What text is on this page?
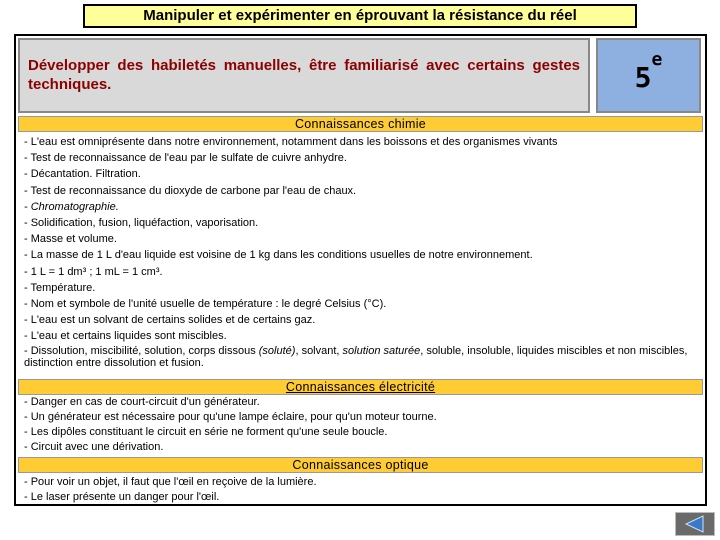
Manipuler et expérimenter en éprouvant la résistance du réel
Développer des habiletés manuelles, être familiarisé avec certains gestes techniques.	5e
Connaissances chimie
- L'eau est omniprésente dans notre environnement, notamment dans les boissons et des organismes vivants
- Test de reconnaissance de l'eau par le sulfate de cuivre anhydre.
- Décantation. Filtration.
- Test de reconnaissance du dioxyde de carbone par l'eau de chaux.
- Chromatographie.
- Solidification, fusion, liquéfaction, vaporisation.
- Masse et volume.
- La masse de 1 L d'eau liquide est voisine de 1 kg dans les conditions usuelles de notre environnement.
- 1 L = 1 dm³ ; 1 mL = 1 cm³.
- Température.
- Nom et symbole de l'unité usuelle de température : le degré Celsius (°C).
- L'eau est un solvant de certains solides et de certains gaz.
- L'eau et certains liquides sont miscibles.
- Dissolution, miscibilité, solution, corps dissous (soluté), solvant, solution saturée, soluble, insoluble, liquides miscibles et non miscibles, distinction entre dissolution et fusion.
Connaissances électricité
- Danger en cas de court-circuit d'un générateur.
- Un générateur est nécessaire pour qu'une lampe éclaire, pour qu'un moteur tourne.
- Les dipôles constituant le circuit en série ne forment qu'une seule boucle.
- Circuit avec une dérivation.
Connaissances optique
- Pour voir un objet, il faut que l'œil en reçoive de la lumière.
- Le laser présente un danger pour l'œil.
